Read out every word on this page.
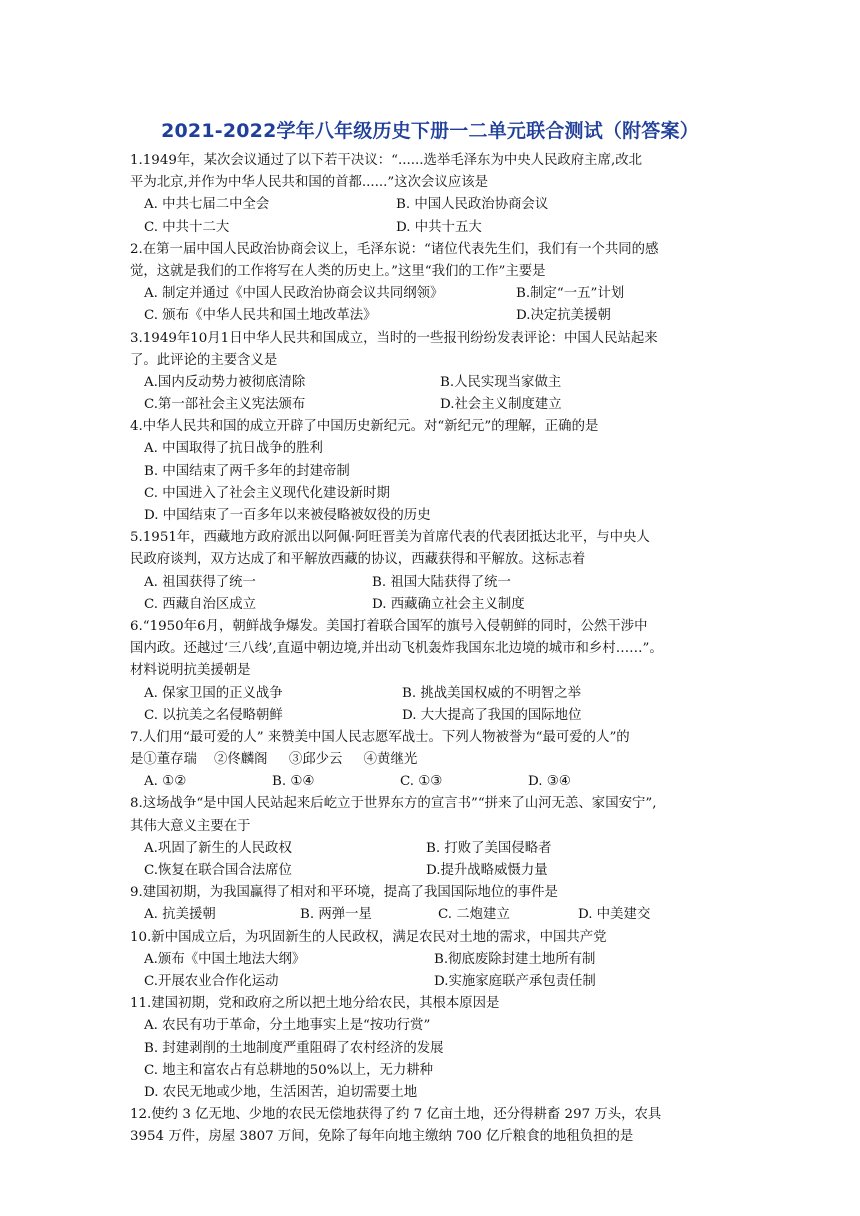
2021-2022学年八年级历史下册一二单元联合测试（附答案）
1.1949年，某次会议通过了以下若干决议：“......选举毛泽东为中央人民政府主席,改北
平为北京,并作为中华人民共和国的首都......”这次会议应该是
A. 中共七届二中全会	B. 中国人民政治协商会议
C. 中共十二大	D. 中共十五大
2.在第一届中国人民政治协商会议上，毛泽东说：“诸位代表先生们，我们有一个共同的感
觉，这就是我们的工作将写在人类的历史上。”这里“我们的工作”主要是
A. 制定并通过《中国人民政治协商会议共同纲领》	B.制定“一五”计划
C. 颁布《中华人民共和国土地改革法》	D.决定抗美援朝
3.1949年10月1日中华人民共和国成立，当时的一些报刊纷纷发表评论：中国人民站起来
了。此评论的主要含义是
A.国内反动势力被彻底清除	B.人民实现当家做主
C.第一部社会主义宪法颁布	D.社会主义制度建立
4.中华人民共和国的成立开辟了中国历史新纪元。对“新纪元”的理解，正确的是
A. 中国取得了抗日战争的胜利
B. 中国结束了两千多年的封建帝制
C. 中国进入了社会主义现代化建设新时期
D. 中国结束了一百多年以来被侵略被奴役的历史
5.1951年，西藏地方政府派出以阿佩·阿旺晋美为首席代表的代表团抵达北平，与中央人
民政府谈判，双方达成了和平解放西藏的协议，西藏获得和平解放。这标志着
A. 祖国获得了统一	B. 祖国大陆获得了统一
C. 西藏自治区成立	D. 西藏确立社会主义制度
6.“1950年6月，朝鲜战争爆发。美国打着联合国军的旗号入侵朝鲜的同时，公然干涉中
国内政。还越过‘三八线’,直逼中朝边境,并出动飞机轰炸我国东北边境的城市和乡村……”。
材料说明抗美援朝是
A. 保家卫国的正义战争	B. 挑战美国权威的不明智之举
C. 以抗美之名侵略朝鲜	D. 大大提高了我国的国际地位
7.人们用“最可爱的人” 来赞美中国人民志愿军战士。下列人物被誉为“最可爱的人”的
是①董存瑞    ②佟麟阁     ③邱少云     ④黄继光
A. ①②	B. ①④	C. ①③	D. ③④
8.这场战争“是中国人民站起来后屹立于世界东方的宣言书”“拼来了山河无恙、家国安宁”,
其伟大意义主要在于
A.巩固了新生的人民政权	B. 打败了美国侵略者
C.恢复在联合国合法席位	D.提升战略威慑力量
9.建国初期，为我国赢得了相对和平环境，提高了我国国际地位的事件是
A. 抗美援朝	B. 两弹一星	C. 二炮建立	D. 中美建交
10.新中国成立后，为巩固新生的人民政权，满足农民对土地的需求，中国共产党
A.颁布《中国土地法大纲》	B.彻底废除封建土地所有制
C.开展农业合作化运动	D.实施家庭联产承包责任制
11.建国初期，党和政府之所以把土地分给农民，其根本原因是
A. 农民有功于革命，分土地事实上是“按功行赏”
B. 封建剥削的土地制度严重阻碍了农村经济的发展
C. 地主和富农占有总耕地的50%以上，无力耕种
D. 农民无地或少地，生活困苦，迫切需要土地
12.使约 3 亿无地、少地的农民无偿地获得了约 7 亿亩土地，还分得耕畜 297 万头，农具
3954 万件，房屋 3807 万间，免除了每年向地主缴纳 700 亿斤粮食的地租负担的是
